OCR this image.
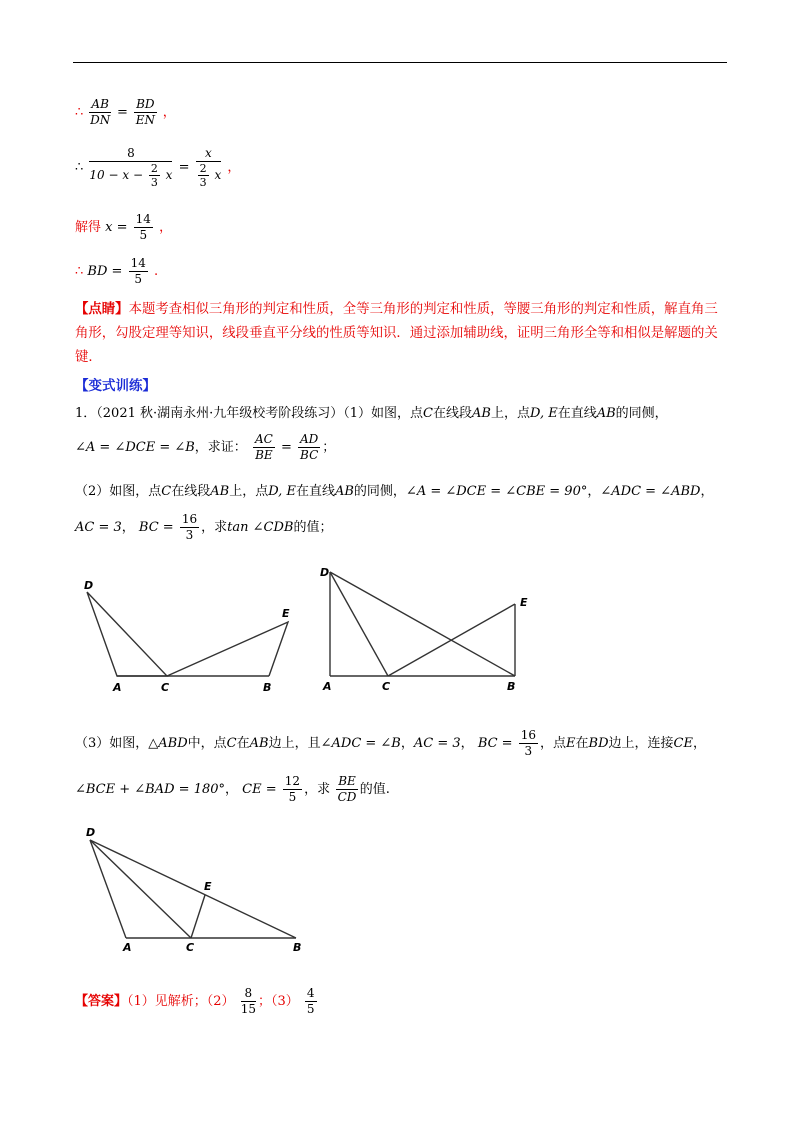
∴ $\frac{AB}{DN} = \frac{BD}{EN}$ ，
∴ $\frac{8}{10 - x - \frac{2}{3} x} = \frac{x}{\frac{2}{3} x}$ ，
解得 $x = \frac{14}{5}$ ，
∴ BD = $\frac{14}{5}$ .
【点睛】本题考查相似三角形的判定和性质，全等三角形的判定和性质，等腰三角形的判定和性质，解直角三角形，勾股定理等知识，线段垂直平分线的性质等知识．通过添加辅助线，证明三角形全等和相似是解题的关键．
【变式训练】
1．（2021 秋·湖南永州·九年级校考阶段练习）（1）如图，点C在线段AB上，点D, E在直线AB的同侧，
∠A = ∠DCE = ∠B，求证： $\frac{AC}{BE} = \frac{AD}{BC}$ ；
（2）如图，点C在线段AB上，点D, E在直线AB的同侧，∠A = ∠DCE = ∠CBE = 90°，∠ADC = ∠ABD，
AC = 3， BC = $\frac{16}{3}$ ，求tan ∠CDB的值；
D
A	C	B
E
D
A	C	B
E
（3）如图，△ABD中，点C在AB边上，且∠ADC = ∠B，AC = 3， BC = $\frac{16}{3}$ ，点E在BD边上，连接CE，
∠BCE + ∠BAD = 180°， CE = $\frac{12}{5}$ ，求 $\frac{BE}{CD}$ 的值.
D
A	C	B
E
【答案】（1）见解析；$(2) \frac{8}{15}$ ；$(3) \frac{4}{5}$
